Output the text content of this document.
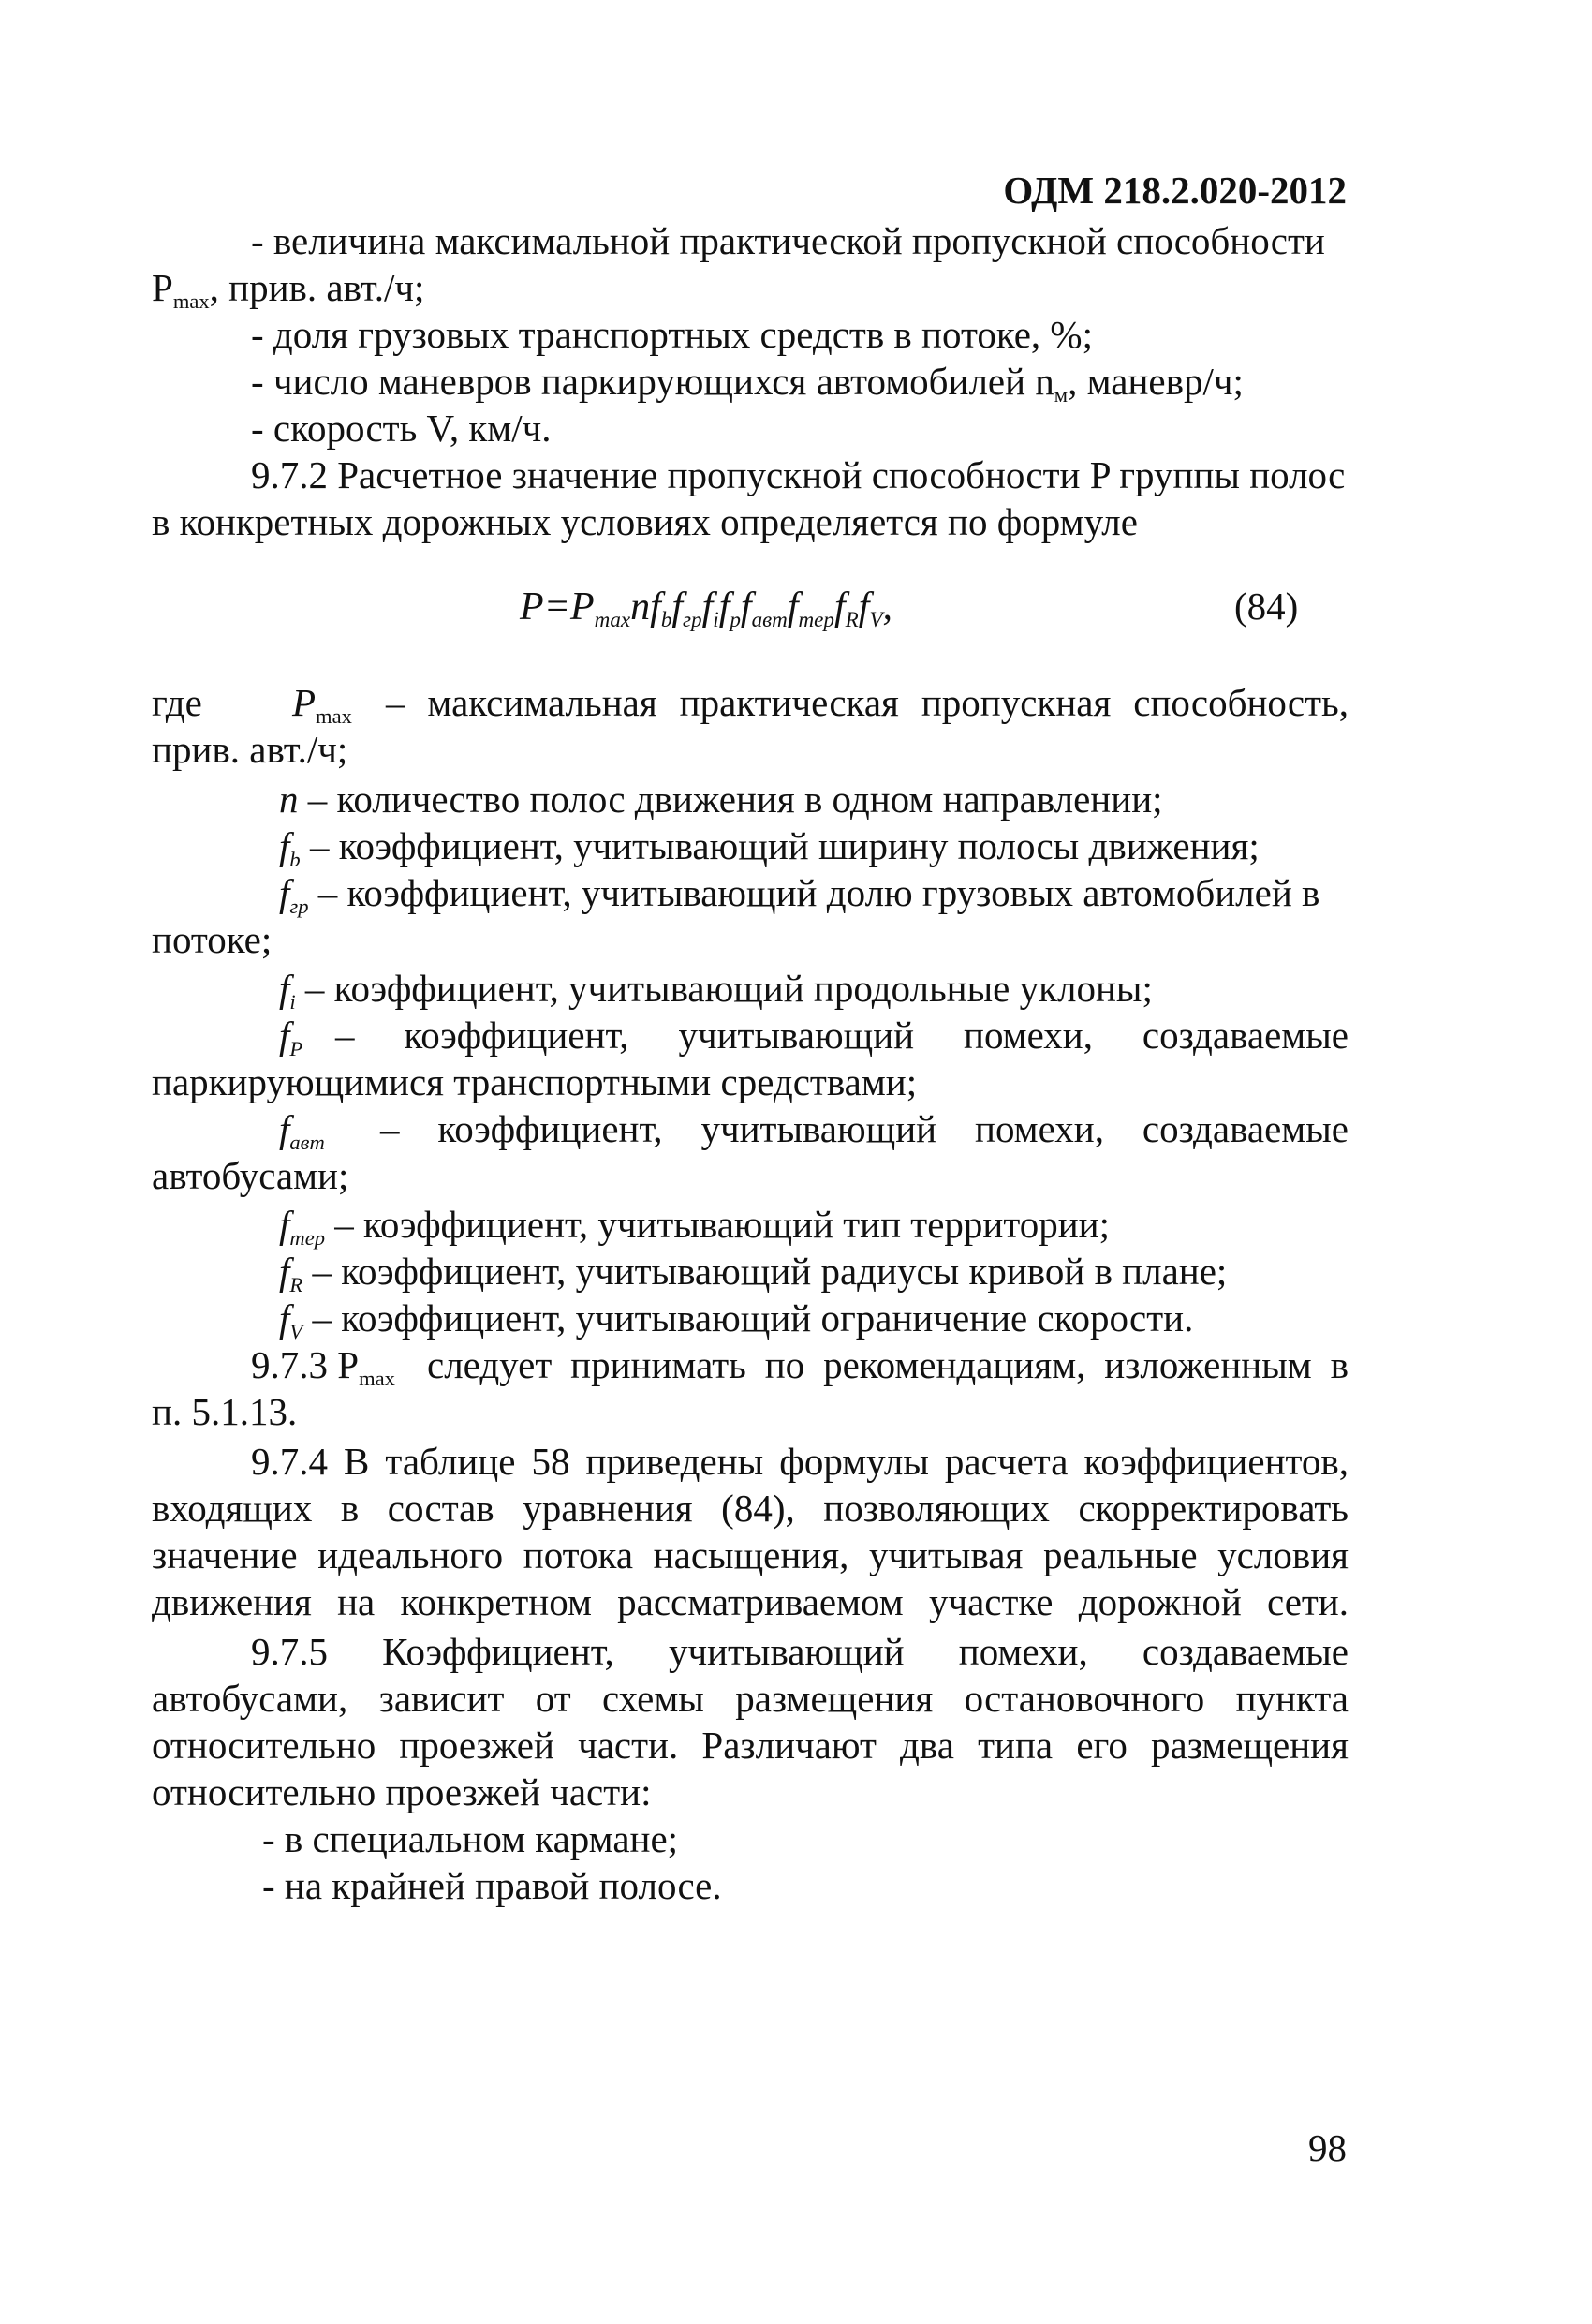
ОДМ 218.2.020-2012
- величина максимальной практической пропускной способности
$P_{max}$, прив. авт./ч;
- доля грузовых транспортных средств в потоке, %;
- число маневров паркирующихся автомобилей $n_м$, маневр/ч;
- скорость V, км/ч.
9.7.2 Расчетное значение пропускной способности P группы полос
в конкретных дорожных условиях определяется по формуле
$P=P_{max}nf_bf_{гр}f_if_pf_{авт}f_{тер}f_Rf_V$,	(84)
где $P_{max}$ – максимальная практическая пропускная способность,
прив. авт./ч;
n – количество полос движения в одном направлении;
$f_b$ – коэффициент, учитывающий ширину полосы движения;
$f_{гр}$ – коэффициент, учитывающий долю грузовых автомобилей в
потоке;
$f_i$ – коэффициент, учитывающий продольные уклоны;
$f_P$ – коэффициент, учитывающий помехи, создаваемые
паркирующимися транспортными средствами;
$f_{авт}$ – коэффициент, учитывающий помехи, создаваемые
автобусами;
$f_{тер}$ – коэффициент, учитывающий тип территории;
$f_R$ – коэффициент, учитывающий радиусы кривой в плане;
$f_V$ – коэффициент, учитывающий ограничение скорости.
9.7.3 $P_{max}$ следует принимать по рекомендациям, изложенным в
п. 5.1.13.
9.7.4 В таблице 58 приведены формулы расчета коэффициентов,
входящих в состав уравнения (84), позволяющих скорректировать
значение идеального потока насыщения, учитывая реальные условия
движения на конкретном рассматриваемом участке дорожной сети.
9.7.5 Коэффициент, учитывающий помехи, создаваемые
автобусами, зависит от схемы размещения остановочного пункта
относительно проезжей части. Различают два типа его размещения
относительно проезжей части:
- в специальном кармане;
- на крайней правой полосе.
98
